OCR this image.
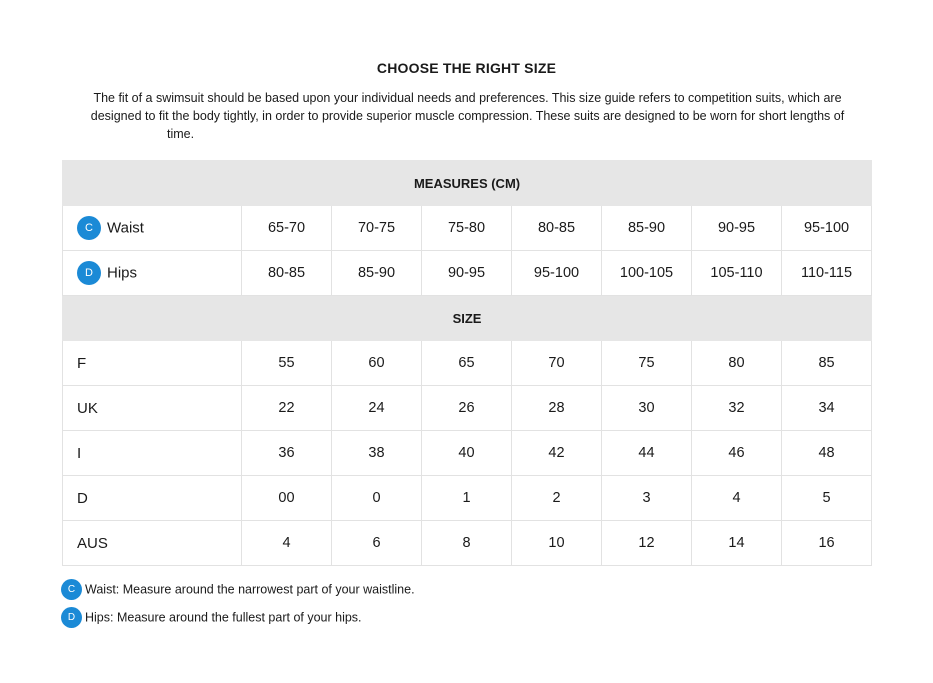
CHOOSE THE RIGHT SIZE
The fit of a swimsuit should be based upon your individual needs and preferences. This size guide refers to competition suits, which are designed to fit the body tightly, in order to provide superior muscle compression. These suits are designed to be worn for short lengths of
time.
MEASURES (CM)							
C Waist	65-70	70-75	75-80	80-85	85-90	90-95	95-100
D Hips	80-85	85-90	90-95	95-100	100-105	105-110	110-115
SIZE							
F	55	60	65	70	75	80	85
UK	22	24	26	28	30	32	34
I	36	38	40	42	44	46	48
D	00	0	1	2	3	4	5
AUS	4	6	8	10	12	14	16
C Waist: Measure around the narrowest part of your waistline.
D Hips: Measure around the fullest part of your hips.
